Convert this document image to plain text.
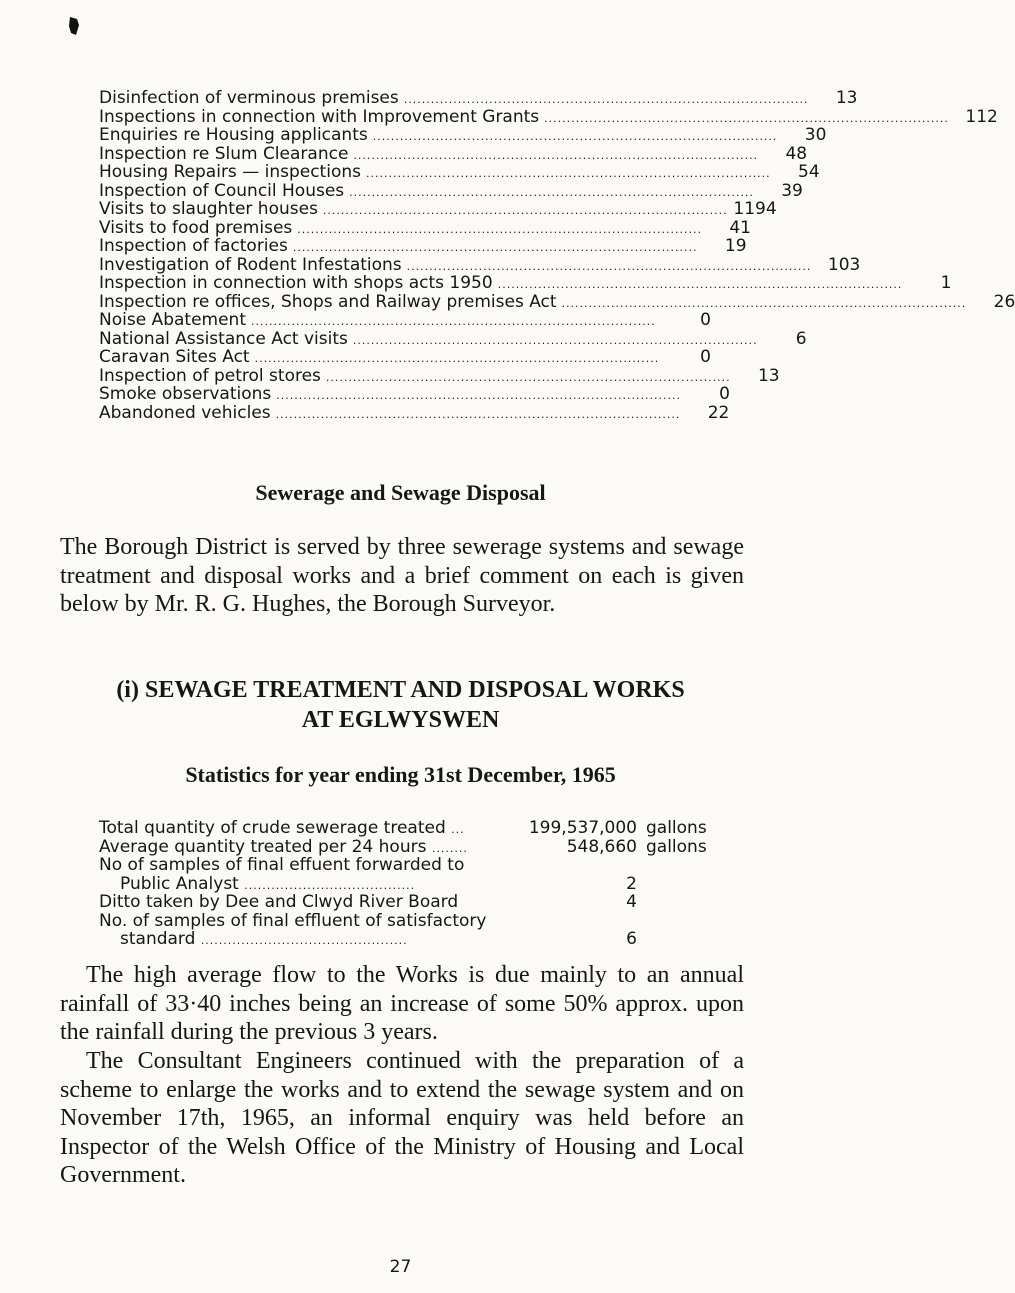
Disinfection of verminous premises ..........................................................................................	13
Inspections in connection with Improvement Grants .......................................................................................... 112
Enquiries re Housing applicants ..........................................................................................	30
Inspection re Slum Clearance ..........................................................................................	48
Housing Repairs — inspections ..........................................................................................	54
Inspection of Council Houses ..........................................................................................	39
Visits to slaughter houses .......................................................................................... 1194
Visits to food premises ..........................................................................................	41
Inspection of factories ..........................................................................................	19
Investigation of Rodent Infestations .......................................................................................... 103
Inspection in connection with shops acts 1950 ..........................................................................................	1
Inspection re offices, Shops and Railway premises Act ..........................................................................................	26
Noise Abatement ..........................................................................................	0
National Assistance Act visits ..........................................................................................	6
Caravan Sites Act ..........................................................................................	0
Inspection of petrol stores ..........................................................................................	13
Smoke observations ..........................................................................................	0
Abandoned vehicles ..........................................................................................	22
Sewerage and Sewage Disposal

The Borough District is served by three sewerage systems and sewage treatment and disposal works and a brief comment on each is given below by Mr. R. G. Hughes, the Borough Surveyor.

(i) SEWAGE TREATMENT AND DISPOSAL WORKS
AT EGLWYSWEN
Statistics for year ending 31st December, 1965
Total quantity of crude sewerage treated ...	199,537,000 gallons
Average quantity treated per 24 hours ........	548,660 gallons
No of samples of final effuent forwarded to
Public Analyst ......................................	2
Ditto taken by Dee and Clwyd River Board	4
No. of samples of final effluent of satisfactory
standard ..............................................	6

The high average flow to the Works is due mainly to an annual rainfall of 33·40 inches being an increase of some 50% approx. upon the rainfall during the previous 3 years.

The Consultant Engineers continued with the preparation of a scheme to enlarge the works and to extend the sewage system and on November 17th, 1965, an informal enquiry was held before an Inspector of the Welsh Office of the Ministry of Housing and Local Government.

27
